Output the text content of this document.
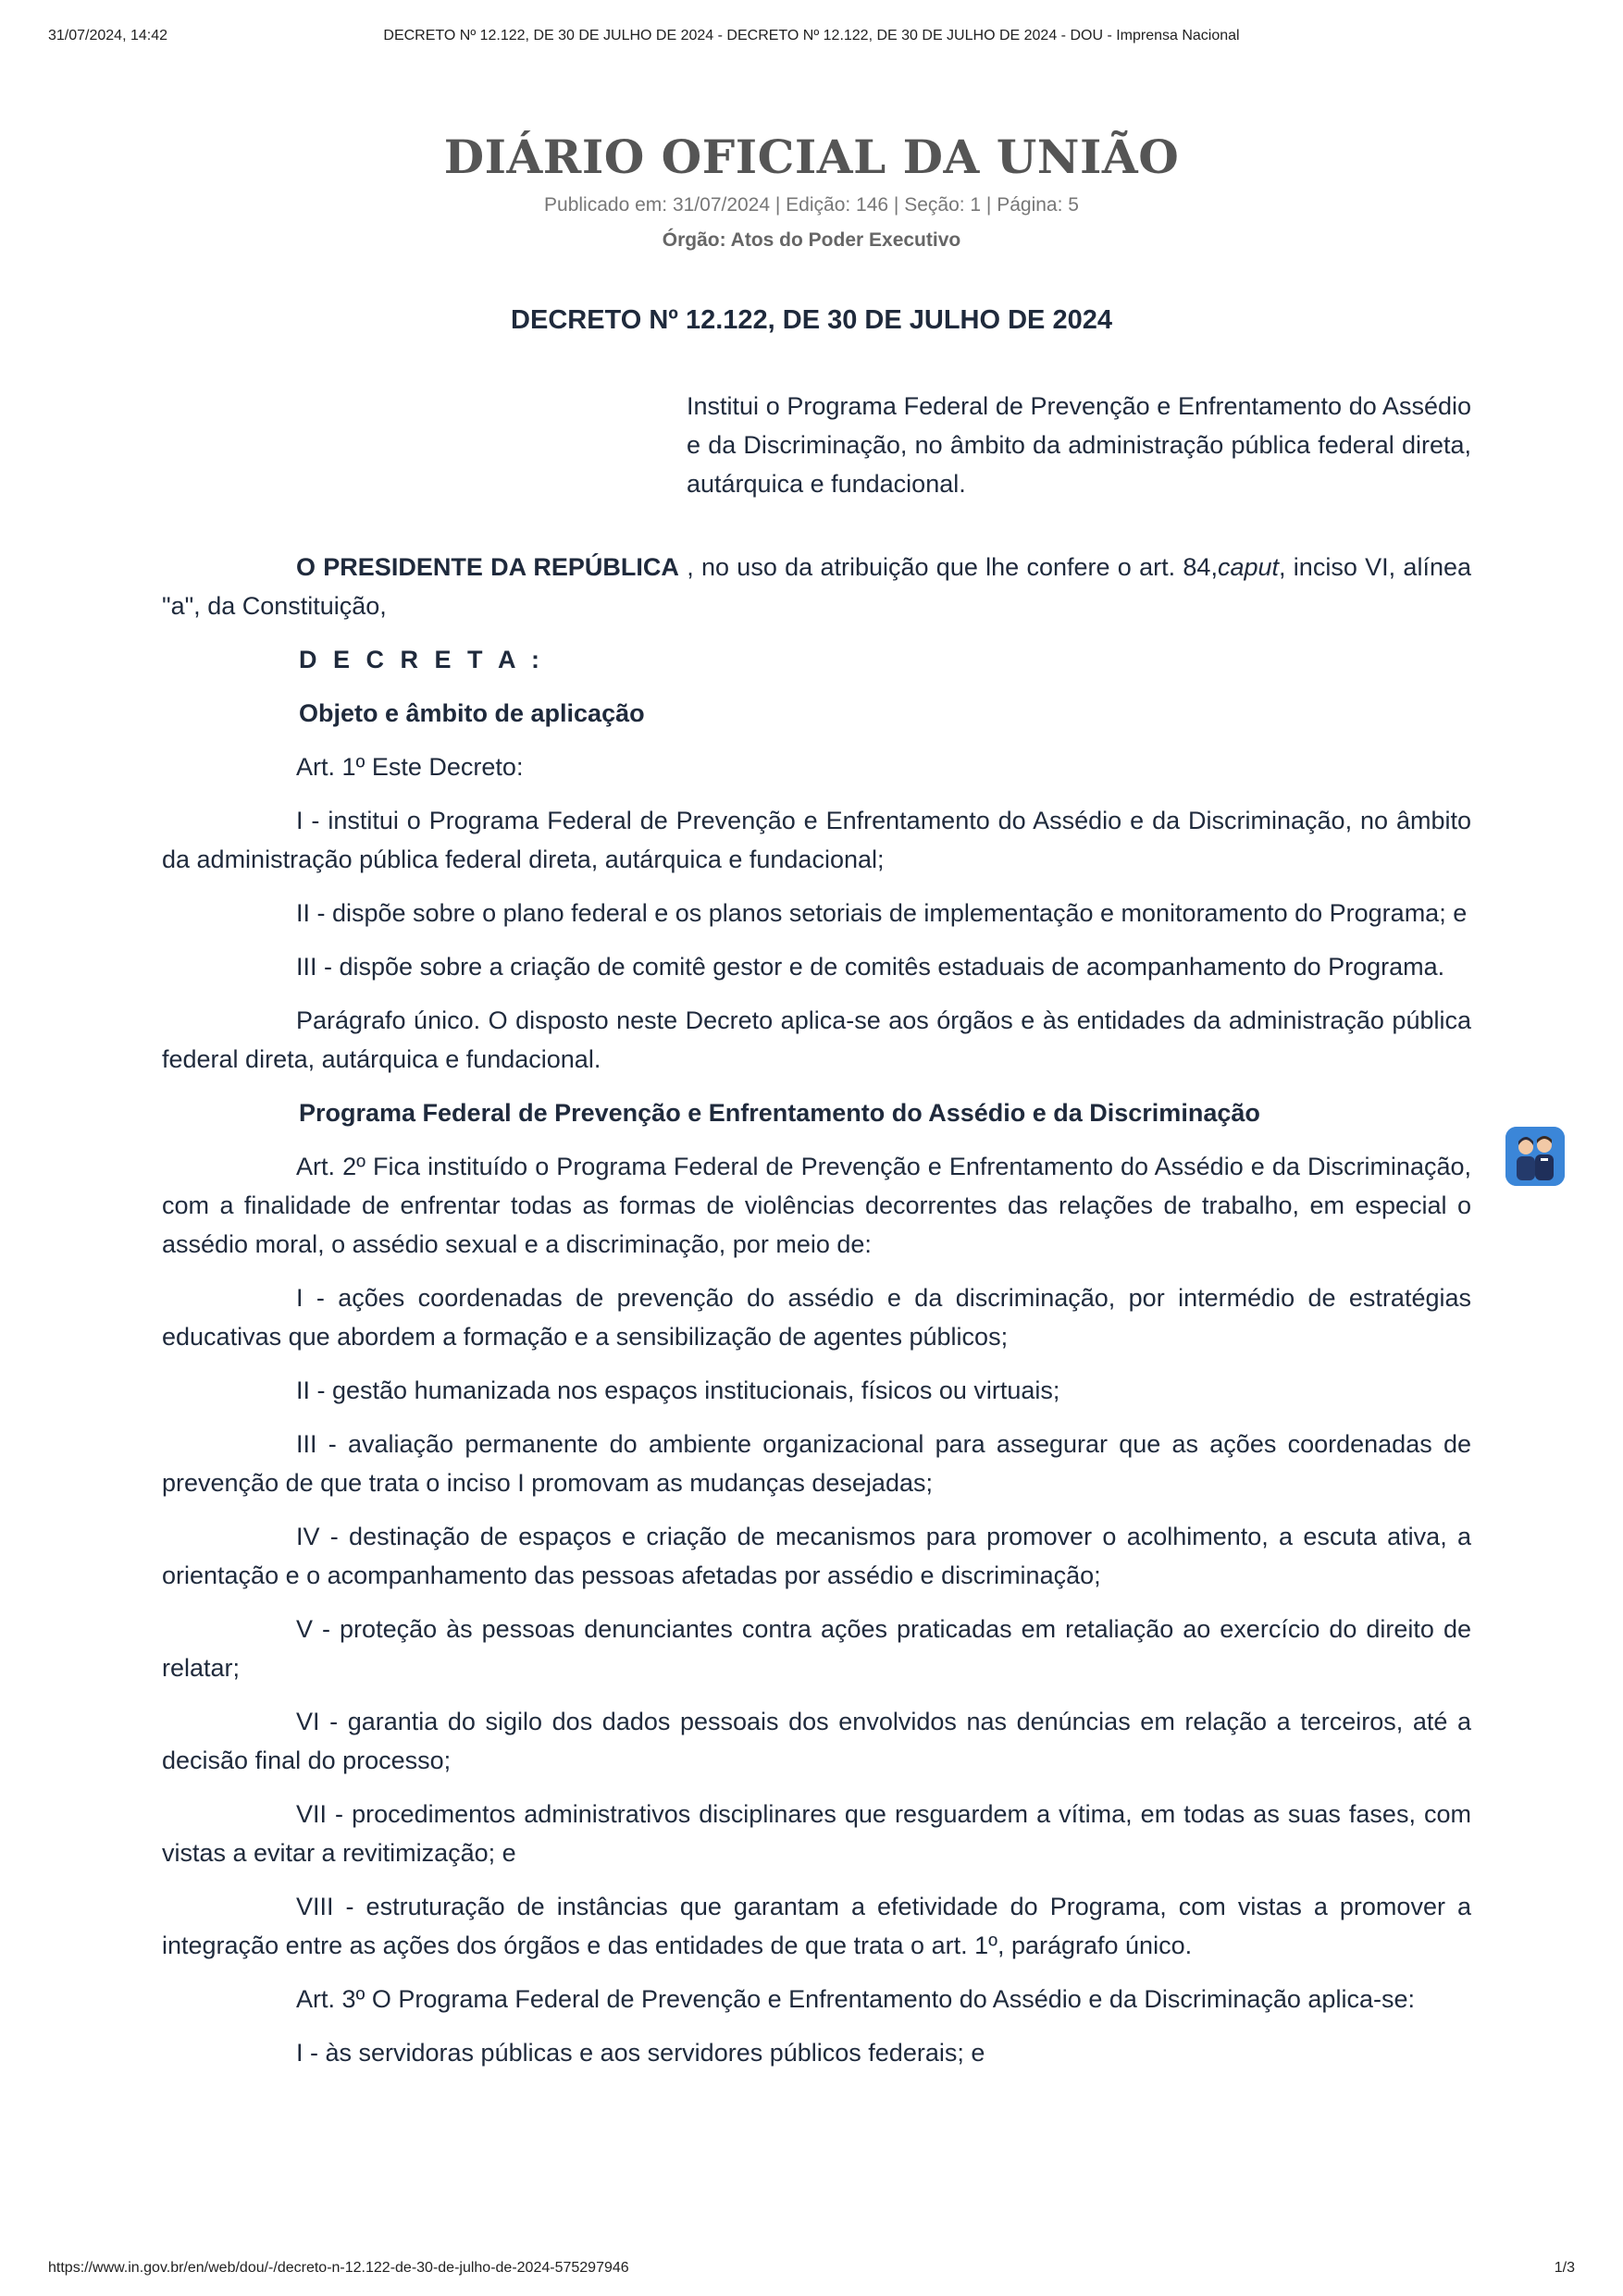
31/07/2024, 14:42	DECRETO Nº 12.122, DE 30 DE JULHO DE 2024 - DECRETO Nº 12.122, DE 30 DE JULHO DE 2024 - DOU - Imprensa Nacional
DIÁRIO OFICIAL DA UNIÃO
Publicado em: 31/07/2024 | Edição: 146 | Seção: 1 | Página: 5
Órgão: Atos do Poder Executivo
DECRETO Nº 12.122, DE 30 DE JULHO DE 2024
Institui o Programa Federal de Prevenção e Enfrentamento do Assédio e da Discriminação, no âmbito da administração pública federal direta, autárquica e fundacional.

O PRESIDENTE DA REPÚBLICA , no uso da atribuição que lhe confere o art. 84,caput, inciso VI, alínea "a", da Constituição,

D E C R E T A :

Objeto e âmbito de aplicação

Art. 1º Este Decreto:

I - institui o Programa Federal de Prevenção e Enfrentamento do Assédio e da Discriminação, no âmbito da administração pública federal direta, autárquica e fundacional;

II - dispõe sobre o plano federal e os planos setoriais de implementação e monitoramento do Programa; e

III - dispõe sobre a criação de comitê gestor e de comitês estaduais de acompanhamento do Programa.

Parágrafo único. O disposto neste Decreto aplica-se aos órgãos e às entidades da administração pública federal direta, autárquica e fundacional.

Programa Federal de Prevenção e Enfrentamento do Assédio e da Discriminação

Art. 2º Fica instituído o Programa Federal de Prevenção e Enfrentamento do Assédio e da Discriminação, com a finalidade de enfrentar todas as formas de violências decorrentes das relações de trabalho, em especial o assédio moral, o assédio sexual e a discriminação, por meio de:

I - ações coordenadas de prevenção do assédio e da discriminação, por intermédio de estratégias educativas que abordem a formação e a sensibilização de agentes públicos;

II - gestão humanizada nos espaços institucionais, físicos ou virtuais;

III - avaliação permanente do ambiente organizacional para assegurar que as ações coordenadas de prevenção de que trata o inciso I promovam as mudanças desejadas;

IV - destinação de espaços e criação de mecanismos para promover o acolhimento, a escuta ativa, a orientação e o acompanhamento das pessoas afetadas por assédio e discriminação;

V - proteção às pessoas denunciantes contra ações praticadas em retaliação ao exercício do direito de relatar;

VI - garantia do sigilo dos dados pessoais dos envolvidos nas denúncias em relação a terceiros, até a decisão final do processo;

VII - procedimentos administrativos disciplinares que resguardem a vítima, em todas as suas fases, com vistas a evitar a revitimização; e

VIII - estruturação de instâncias que garantam a efetividade do Programa, com vistas a promover a integração entre as ações dos órgãos e das entidades de que trata o art. 1º, parágrafo único.

Art. 3º O Programa Federal de Prevenção e Enfrentamento do Assédio e da Discriminação aplica-se:

I - às servidoras públicas e aos servidores públicos federais; e

https://www.in.gov.br/en/web/dou/-/decreto-n-12.122-de-30-de-julho-de-2024-575297946	1/3
